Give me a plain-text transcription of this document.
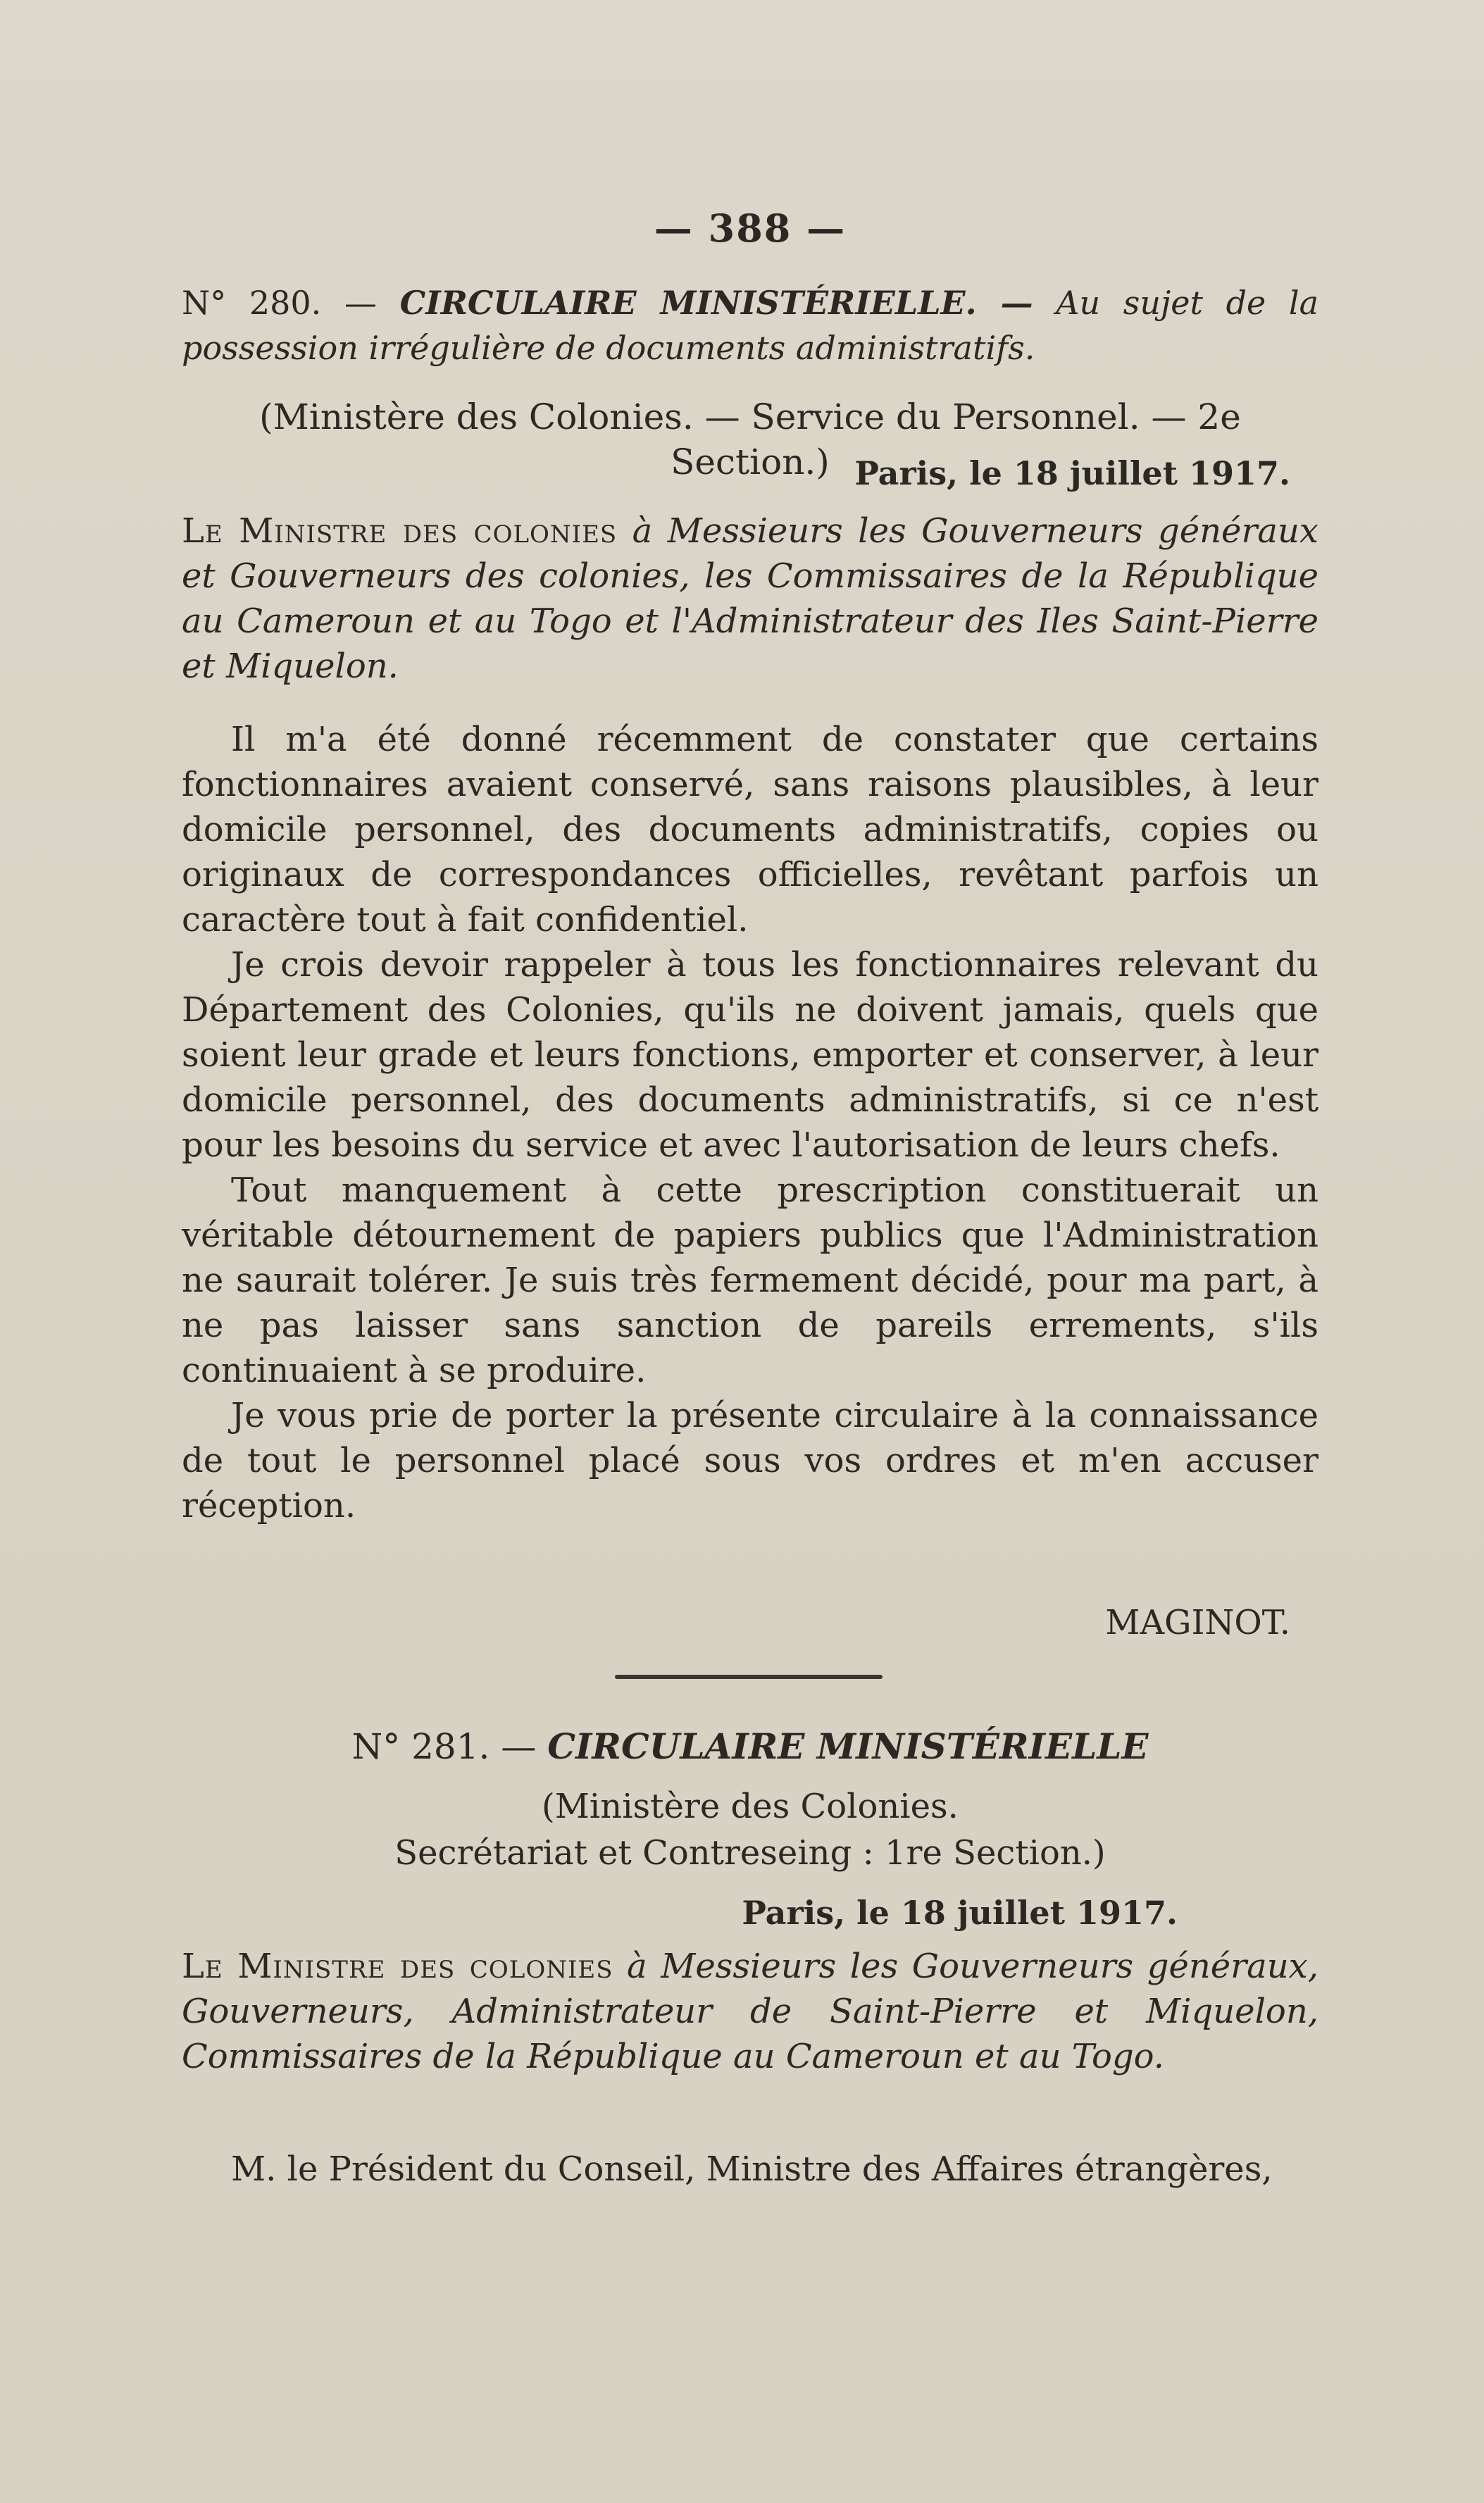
— 388 —
N° 280. — CIRCULAIRE MINISTÉRIELLE. — Au sujet de la possession irrégulière de documents administratifs.
(Ministère des Colonies. — Service du Personnel. — 2e Section.) Paris, le 18 juillet 1917.
Le Ministre des colonies à Messieurs les Gouverneurs généraux et Gouverneurs des colonies, les Commissaires de la République au Cameroun et au Togo et l'Administrateur des Iles Saint-Pierre et Miquelon.

Il m'a été donné récemment de constater que certains fonctionnaires avaient conservé, sans raisons plausibles, à leur domicile personnel, des documents administratifs, copies ou originaux de correspondances officielles, revêtant parfois un caractère tout à fait confidentiel.

Je crois devoir rappeler à tous les fonctionnaires relevant du Département des Colonies, qu'ils ne doivent jamais, quels que soient leur grade et leurs fonctions, emporter et conserver, à leur domicile personnel, des documents administratifs, si ce n'est pour les besoins du service et avec l'autorisation de leurs chefs.

Tout manquement à cette prescription constituerait un véritable détournement de papiers publics que l'Administration ne saurait tolérer. Je suis très fermement décidé, pour ma part, à ne pas laisser sans sanction de pareils errements, s'ils continuaient à se produire.

Je vous prie de porter la présente circulaire à la connaissance de tout le personnel placé sous vos ordres et m'en accuser réception.

MAGINOT.
N° 281. — CIRCULAIRE MINISTÉRIELLE
(Ministère des Colonies.
Secrétariat et Contreseing : 1re Section.)
Paris, le 18 juillet 1917.
Le Ministre des colonies à Messieurs les Gouverneurs généraux, Gouverneurs, Administrateur de Saint-Pierre et Miquelon, Commissaires de la République au Cameroun et au Togo.

M. le Président du Conseil, Ministre des Affaires étrangères,
